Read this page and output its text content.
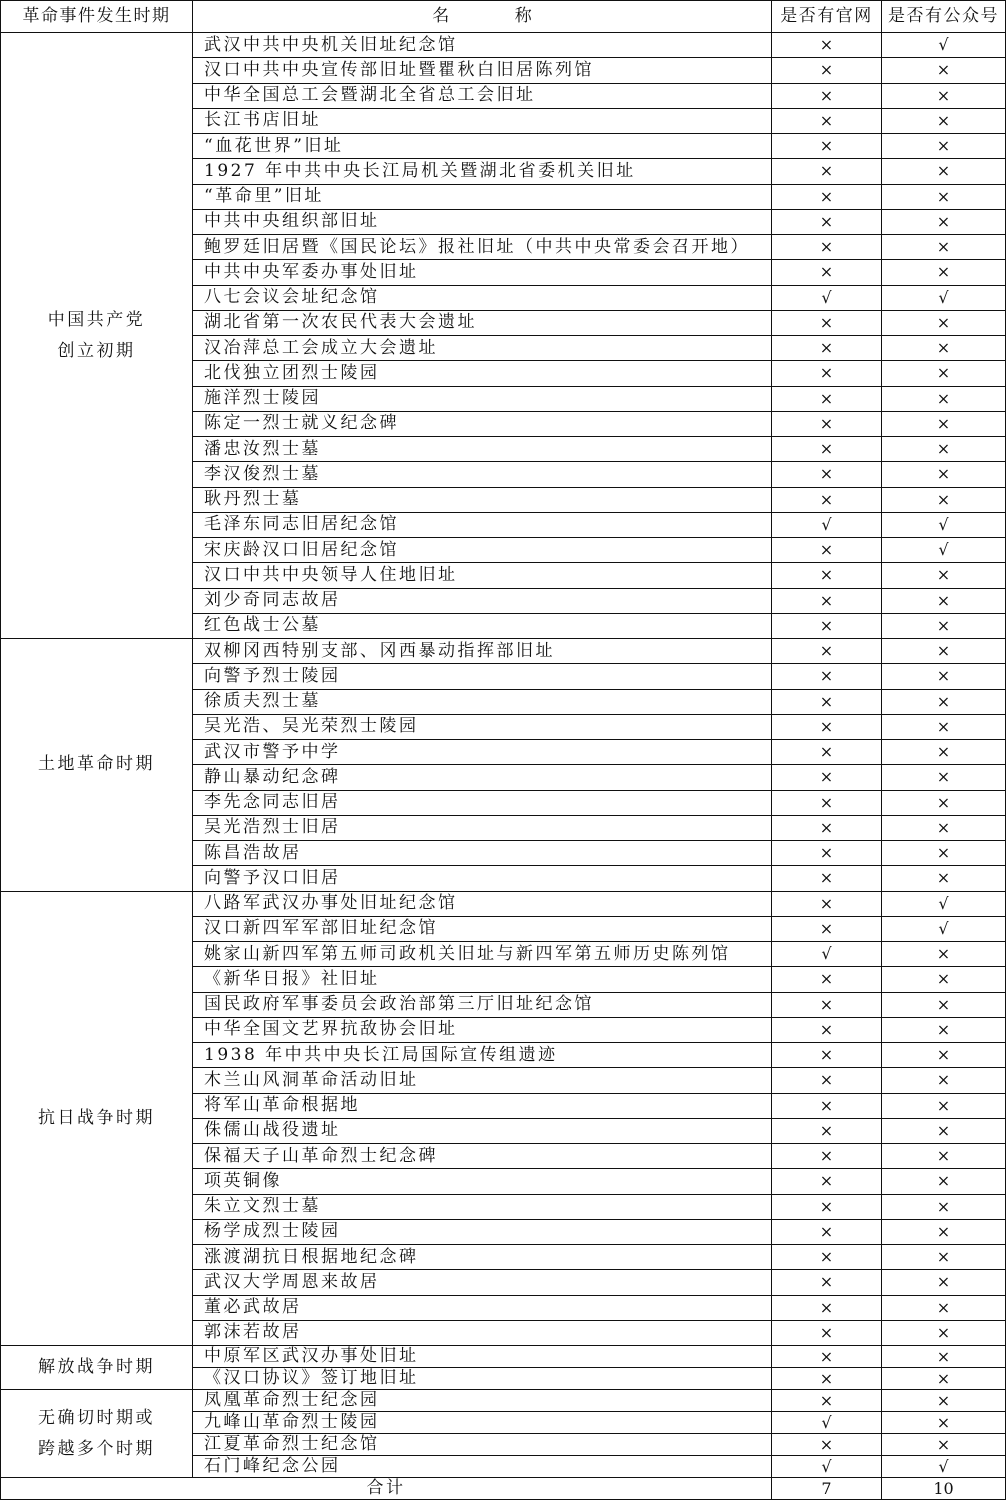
革命事件发生时期	名 称	是否有官网 是否有公众号
中国共产党
创立初期
武汉中共中央机关旧址纪念馆	×	√
汉口中共中央宣传部旧址暨瞿秋白旧居陈列馆	×	×
中华全国总工会暨湖北全省总工会旧址	×	×
长江书店旧址	×	×
“血花世界”旧址	×	×
1927 年中共中央长江局机关暨湖北省委机关旧址	×	×
“革命里”旧址	×	×
中共中央组织部旧址	×	×
鲍罗廷旧居暨《国民论坛》报社旧址（中共中央常委会召开地）	×	×
中共中央军委办事处旧址	×	×
八七会议会址纪念馆	√	√
湖北省第一次农民代表大会遗址	×	×
汉冶萍总工会成立大会遗址	×	×
北伐独立团烈士陵园	×	×
施洋烈士陵园	×	×
陈定一烈士就义纪念碑	×	×
潘忠汝烈士墓	×	×
李汉俊烈士墓	×	×
耿丹烈士墓	×	×
毛泽东同志旧居纪念馆	√	√
宋庆龄汉口旧居纪念馆	×	√
汉口中共中央领导人住地旧址	×	×
刘少奇同志故居	×	×
红色战士公墓	×	×
土地革命时期
双柳冈西特别支部、冈西暴动指挥部旧址	×	×
向警予烈士陵园	×	×
徐质夫烈士墓	×	×
吴光浩、吴光荣烈士陵园	×	×
武汉市警予中学	×	×
静山暴动纪念碑	×	×
李先念同志旧居	×	×
吴光浩烈士旧居	×	×
陈昌浩故居	×	×
向警予汉口旧居	×	×
抗日战争时期
八路军武汉办事处旧址纪念馆	×	√
汉口新四军军部旧址纪念馆	×	√
姚家山新四军第五师司政机关旧址与新四军第五师历史陈列馆	√	×
《新华日报》社旧址	×	×
国民政府军事委员会政治部第三厅旧址纪念馆	×	×
中华全国文艺界抗敌协会旧址	×	×
1938 年中共中央长江局国际宣传组遗迹	×	×
木兰山风洞革命活动旧址	×	×
将军山革命根据地	×	×
侏儒山战役遗址	×	×
保福天子山革命烈士纪念碑	×	×
项英铜像	×	×
朱立文烈士墓	×	×
杨学成烈士陵园	×	×
涨渡湖抗日根据地纪念碑	×	×
武汉大学周恩来故居	×	×
董必武故居	×	×
郭沫若故居	×	×
解放战争时期
中原军区武汉办事处旧址	×	×
《汉口协议》签订地旧址	×	×
无确切时期或
跨越多个时期
凤凰革命烈士纪念园	×	×
九峰山革命烈士陵园	√	×
江夏革命烈士纪念馆	×	×
石门峰纪念公园	√	√
合计	7	10
